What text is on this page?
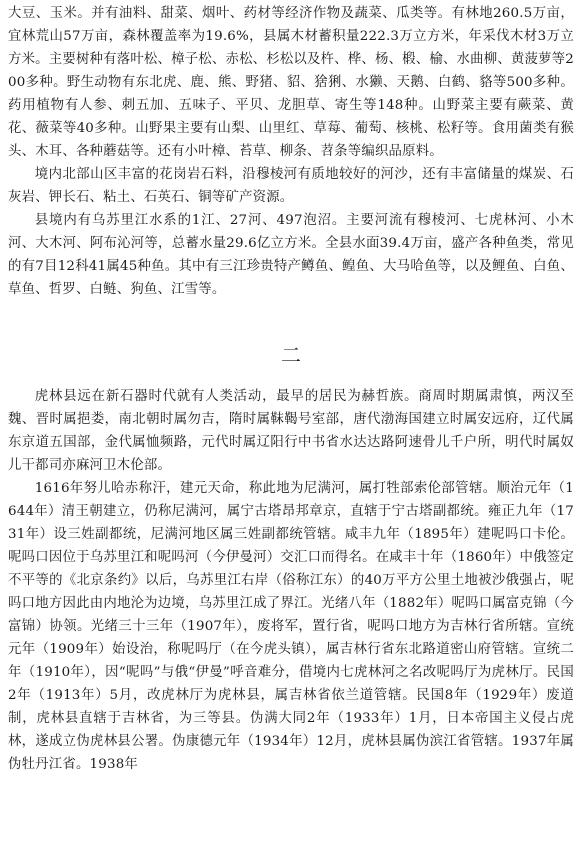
大豆、玉米。并有油料、甜菜、烟叶、药材等经济作物及蔬菜、瓜类等。有林地260.5万亩，宜林荒山57万亩，森林覆盖率为19.6%，县属木材蓄积量222.3万立方米，年采伐木材3万立方米。主要树种有落叶松、樟子松、赤松、杉松以及杵、桦、杨、椴、榆、水曲柳、黄菠萝等200多种。野生动物有东北虎、鹿、熊、野猪、貂、猞猁、水獭、天鹅、白鹤、貉等500多种。药用植物有人参、刺五加、五味子、平贝、龙胆草、寄生等148种。山野菜主要有蕨菜、黄花、薇菜等40多种。山野果主要有山梨、山里红、草莓、葡萄、核桃、松籽等。食用菌类有猴头、木耳、各种蘑菇等。还有小叶樟、苔草、柳条、苕条等编织品原料。

境内北部山区丰富的花岗岩石料，沿穆棱河有质地较好的河沙，还有丰富储量的煤炭、石灰岩、钾长石、粘土、石英石、铜等矿产资源。

县境内有乌苏里江水系的1江、27河、497泡沼。主要河流有穆棱河、七虎林河、小木河、大木河、阿布沁河等，总蓄水量29.6亿立方米。全县水面39.4万亩，盛产各种鱼类，常见的有7目12科41属45种鱼。其中有三江珍贵特产鳟鱼、鳇鱼、大马哈鱼等，以及鲤鱼、白鱼、草鱼、哲罗、白鲢、狗鱼、江雪等。

二

虎林县远在新石器时代就有人类活动，最早的居民为赫哲族。商周时期属肃慎，两汉至魏、晋时属挹娄，南北朝时属勿吉，隋时属靺鞨号室部，唐代渤海国建立时属安远府，辽代属东京道五国部，金代属恤频路，元代时属辽阳行中书省水达达路阿速骨儿千户所，明代时属奴儿干都司亦麻河卫木伦部。

1616年努儿哈赤称汗，建元天命，称此地为尼满河，属打牲部索伦部管辖。顺治元年（1644年）清王朝建立，仍称尼满河，属宁古塔昂邦章京，直辖于宁古塔副都统。雍正九年（1731年）设三姓副都统，尼满河地区属三姓副都统管辖。咸丰九年（1895年）建呢吗口卡伦。呢吗口因位于乌苏里江和呢吗河（今伊曼河）交汇口而得名。在咸丰十年（1860年）中俄签定不平等的《北京条约》以后，乌苏里江右岸（俗称江东）的40万平方公里土地被沙俄强占，呢吗口地方因此由内地沦为边境，乌苏里江成了界江。光绪八年（1882年）呢吗口属富克锦（今富锦）协领。光绪三十三年（1907年），废将军，置行省，呢吗口地方为吉林行省所辖。宣统元年（1909年）始设治，称呢吗厅（在今虎头镇），属吉林行省东北路道密山府管辖。宣统二年（1910年），因“呢吗”与俄“伊曼”呼音难分，借境内七虎林河之名改呢吗厅为虎林厅。民国2年（1913年）5月，改虎林厅为虎林县，属吉林省依兰道管辖。民国8年（1929年）废道制，虎林县直辖于吉林省，为三等县。伪满大同2年（1933年）1月，日本帝国主义侵占虎林，遂成立伪虎林县公署。伪康德元年（1934年）12月，虎林县属伪滨江省管辖。1937年属伪牡丹江省。1938年
